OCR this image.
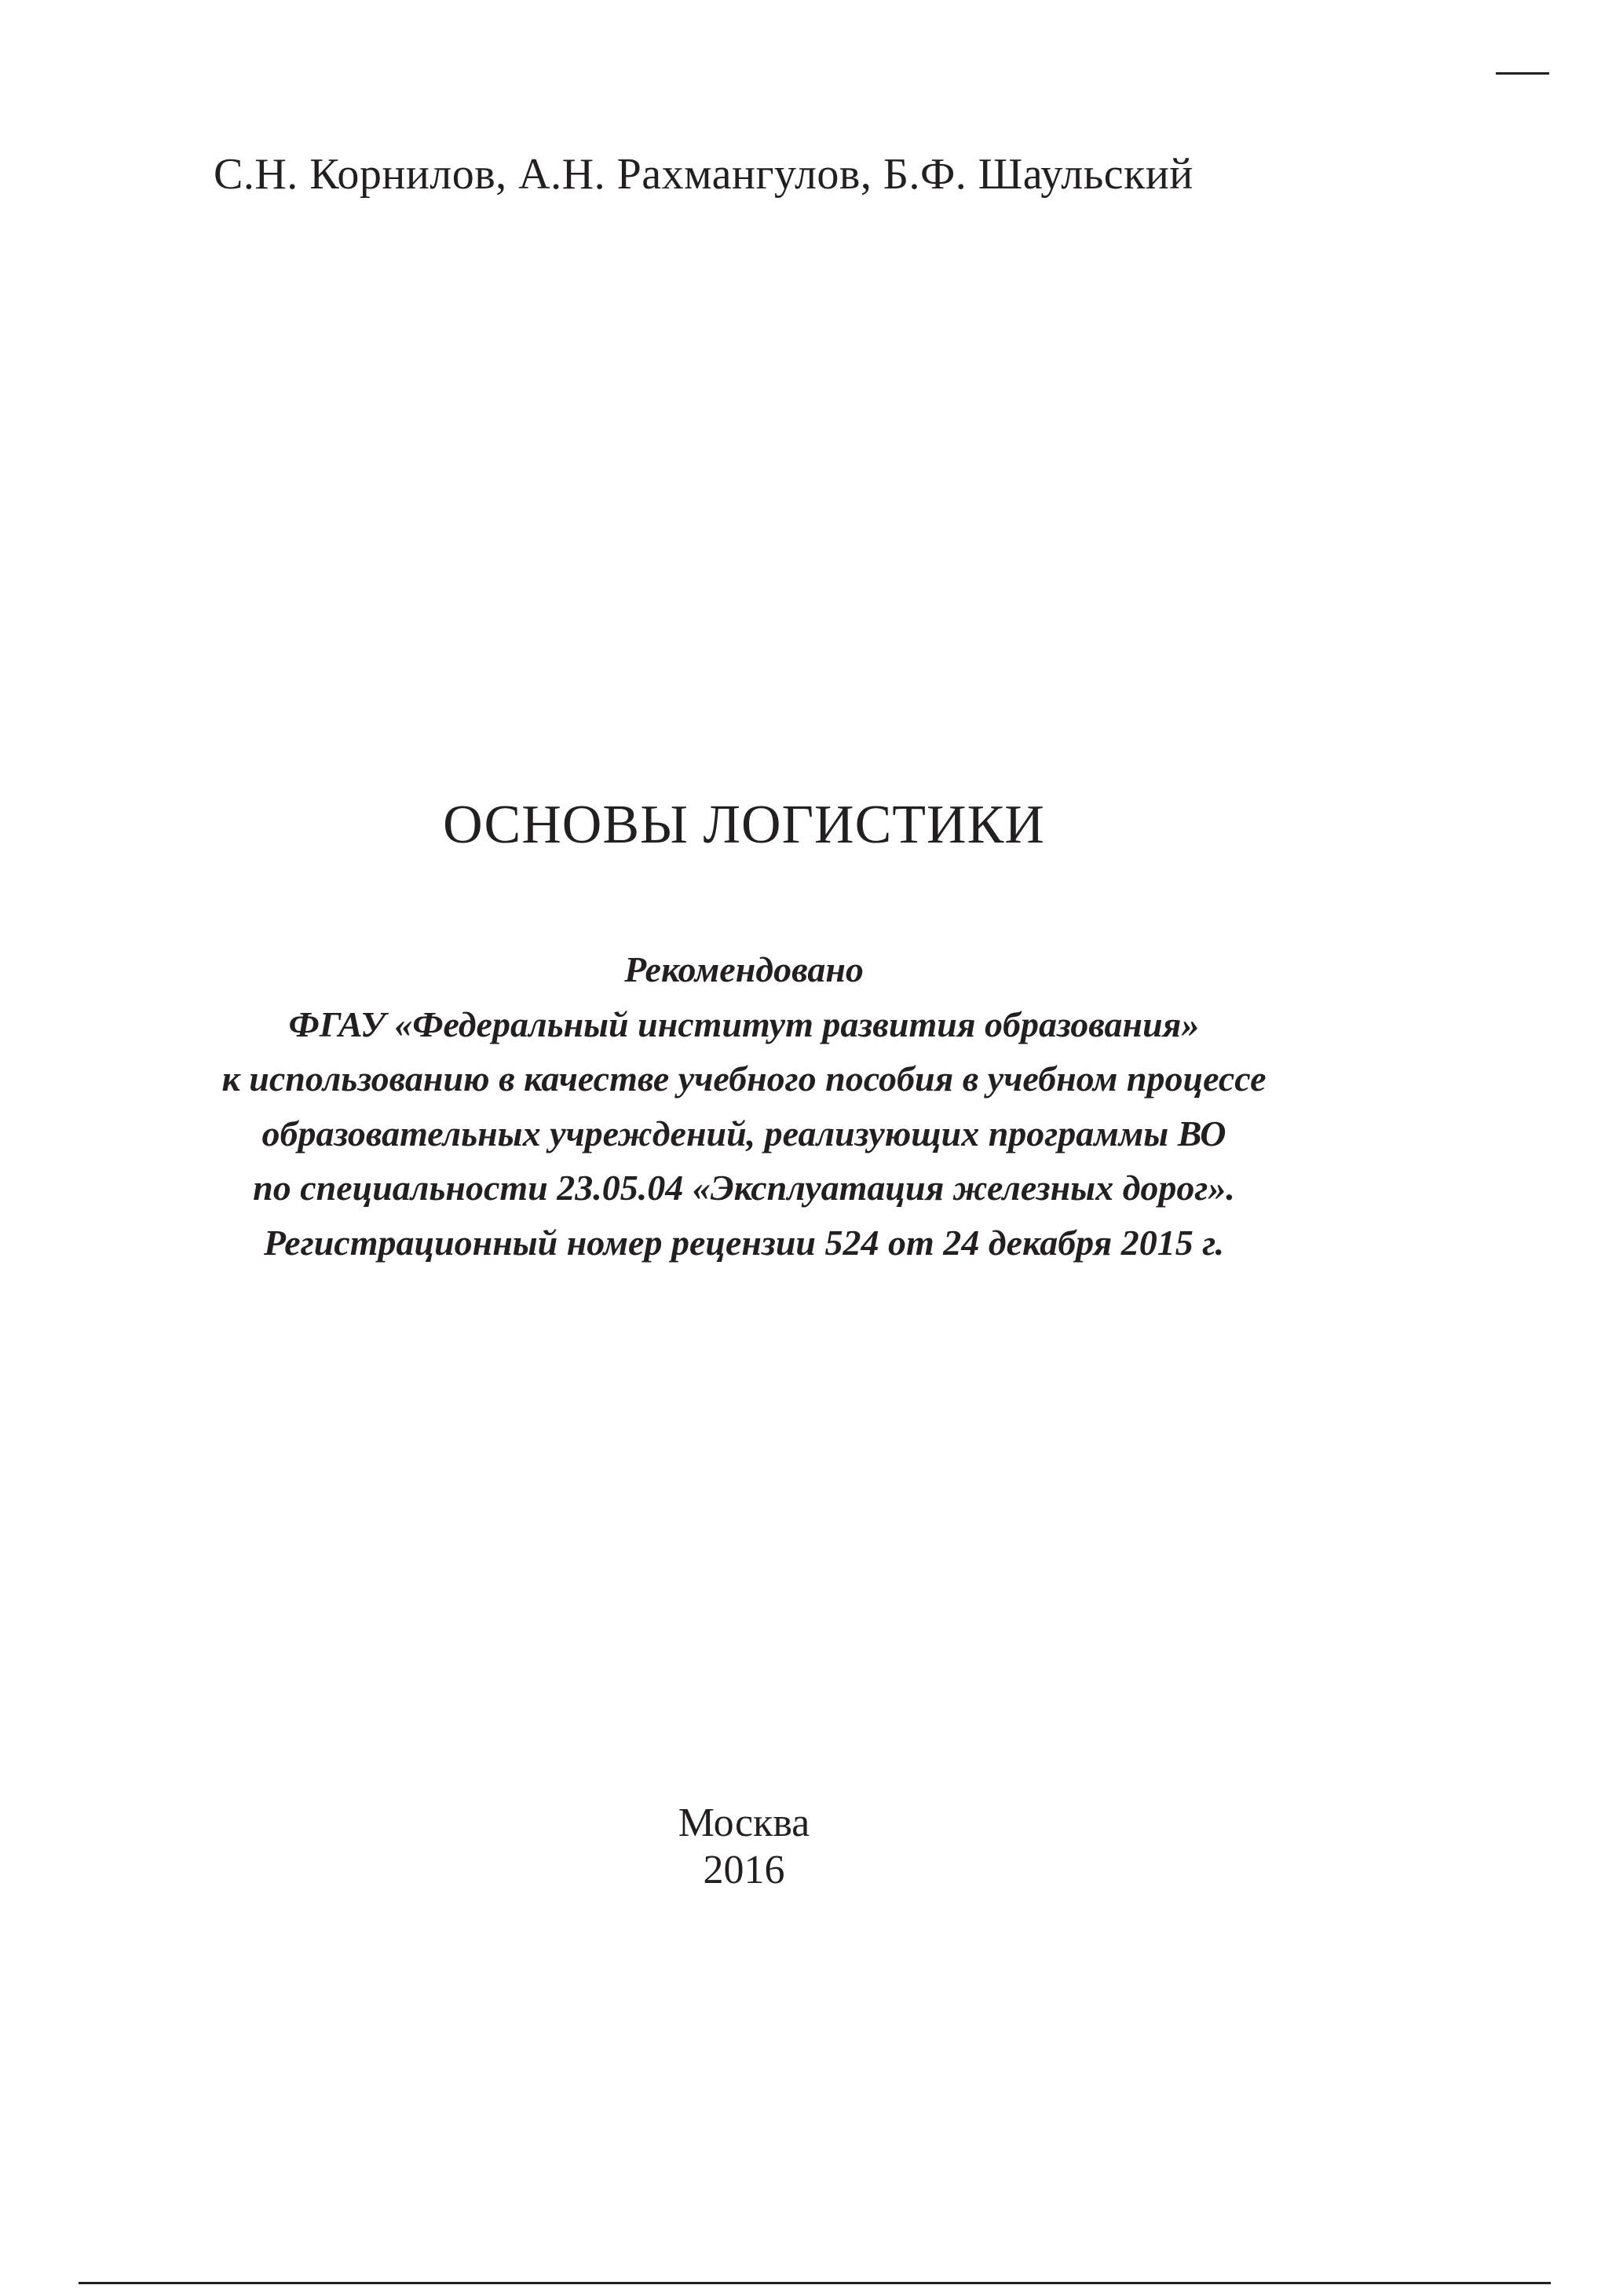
С.Н. Корнилов, А.Н. Рахмангулов, Б.Ф. Шаульский
ОСНОВЫ ЛОГИСТИКИ
Рекомендовано
ФГАУ «Федеральный институт развития образования»
к использованию в качестве учебного пособия в учебном процессе
образовательных учреждений, реализующих программы ВО
по специальности 23.05.04 «Эксплуатация железных дорог».
Регистрационный номер рецензии 524 от 24 декабря 2015 г.
Москва
2016
